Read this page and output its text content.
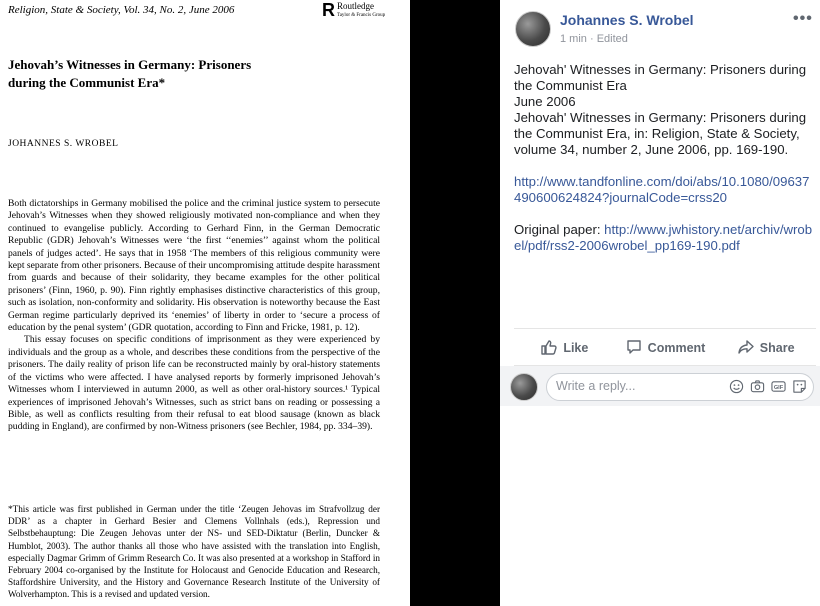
Religion, State & Society, Vol. 34, No. 2, June 2006	R Routledge
Taylor & Francis Group
Jehovah’s Witnesses in Germany: Prisoners
during the Communist Era*
JOHANNES S. WROBEL

Both dictatorships in Germany mobilised the police and the criminal justice system to persecute Jehovah’s Witnesses when they showed religiously motivated non-compliance and when they continued to evangelise publicly. According to Gerhard Finn, in the German Democratic Republic (GDR) Jehovah’s Witnesses were ‘the first ‘‘enemies’’ against whom the political panels of judges acted’. He says that in 1958 ‘The members of this religious community were kept separate from other prisoners. Because of their uncompromising attitude despite harassment from guards and because of their solidarity, they became examples for the other political prisoners’ (Finn, 1960, p. 90). Finn rightly emphasises distinctive characteristics of this group, such as isolation, non-conformity and solidarity. His observation is noteworthy because the East German regime particularly deprived its ‘enemies’ of liberty in order to ‘secure a process of education by the penal system’ (GDR quotation, according to Finn and Fricke, 1981, p. 12).

This essay focuses on specific conditions of imprisonment as they were experienced by individuals and the group as a whole, and describes these conditions from the perspective of the prisoners. The daily reality of prison life can be reconstructed mainly by oral-history statements of the victims who were affected. I have analysed reports by formerly imprisoned Jehovah’s Witnesses whom I interviewed in autumn 2000, as well as other oral-history sources.¹ Typical experiences of imprisoned Jehovah’s Witnesses, such as strict bans on reading or possessing a Bible, as well as conflicts resulting from their refusal to eat blood sausage (known as black pudding in England), are confirmed by non-Witness prisoners (see Bechler, 1984, pp. 334–39).

*This article was first published in German under the title ‘Zeugen Jehovas im Strafvollzug der DDR’ as a chapter in Gerhard Besier and Clemens Vollnhals (eds.), Repression und Selbstbehauptung: Die Zeugen Jehovas unter der NS- und SED-Diktatur (Berlin, Duncker & Humblot, 2003). The author thanks all those who have assisted with the translation into English, especially Dagmar Grimm of Grimm Research Co. It was also presented at a workshop in Stafford in February 2004 co-organised by the Institute for Holocaust and Genocide Education and Research, Staffordshire University, and the History and Governance Research Institute of the University of Wolverhampton. This is a revised and updated version.
Johannes S. Wrobel
1 min · Edited
•••
Jehovah' Witnesses in Germany: Prisoners during the Communist Era
June 2006
Jehovah' Witnesses in Germany: Prisoners during the Communist Era, in: Religion, State & Society, volume 34, number 2, June 2006, pp. 169-190.
http://www.tandfonline.com/doi/abs/10.1080/09637490600624824?journalCode=crss20
Original paper: http://www.jwhistory.net/archiv/wrobel/pdf/rss2-2006wrobel_pp169-190.pdf
Like	Comment	Share
Write a reply...
GIF
